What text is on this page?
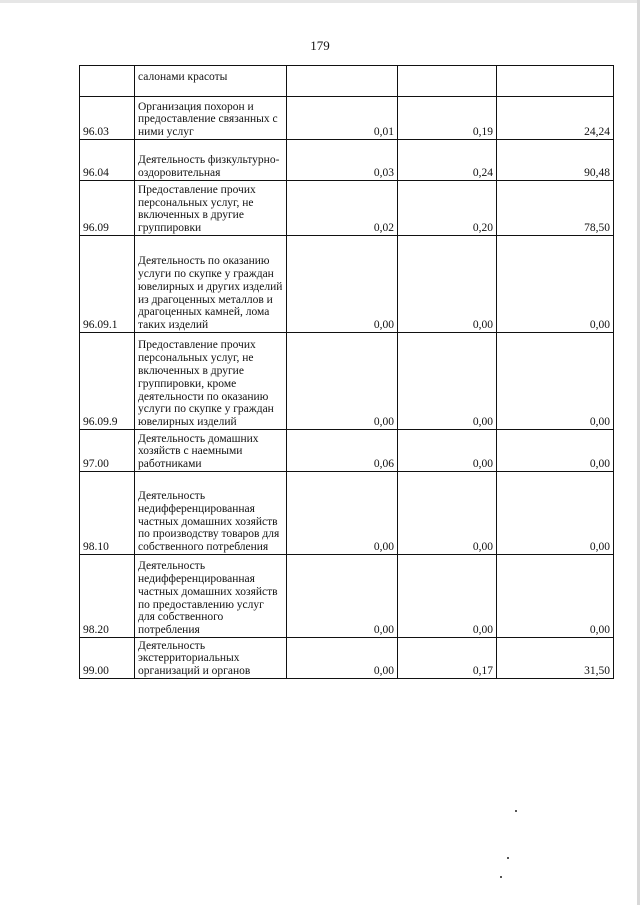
179
	салонами красоты			
96.03	Организация похорон и предоставление связанных с ними услуг	0,01	0,19	24,24
96.04	Деятельность физкультурно-оздоровительная	0,03	0,24	90,48
96.09	Предоставление прочих персональных услуг, не включенных в другие группировки	0,02	0,20	78,50
96.09.1	Деятельность по оказанию услуги по скупке у граждан ювелирных и других изделий из драгоценных металлов и драгоценных камней, лома таких изделий	0,00	0,00	0,00
96.09.9	Предоставление прочих персональных услуг, не включенных в другие группировки, кроме деятельности по оказанию услуги по скупке у граждан ювелирных изделий	0,00	0,00	0,00
97.00	Деятельность домашних хозяйств с наемными работниками	0,06	0,00	0,00
98.10	Деятельность недифференцированная частных домашних хозяйств по производству товаров для собственного потребления	0,00	0,00	0,00
98.20	Деятельность недифференцированная частных домашних хозяйств по предоставлению услуг для собственного потребления	0,00	0,00	0,00
99.00	Деятельность экстерриториальных организаций и органов	0,00	0,17	31,50
